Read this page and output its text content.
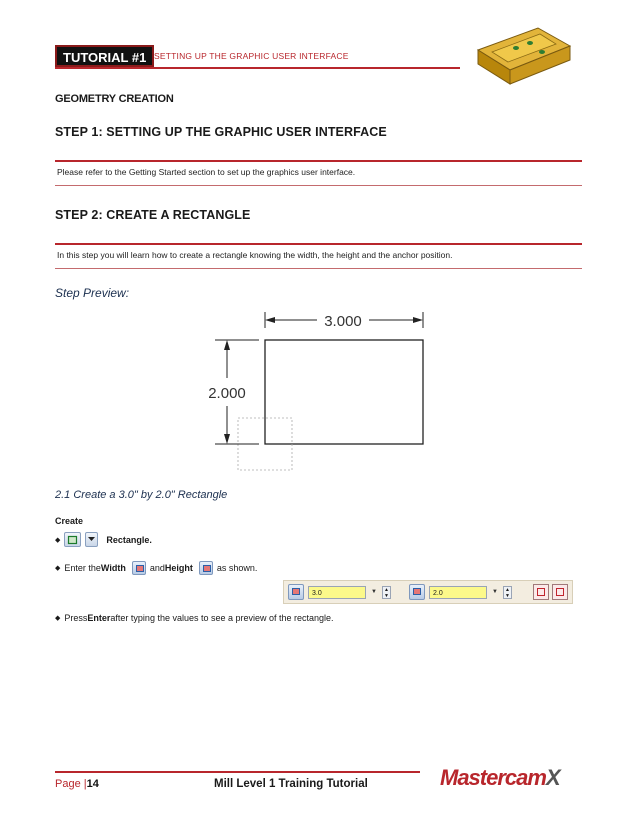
TUTORIAL #1 SETTING UP THE GRAPHIC USER INTERFACE
GEOMETRY CREATION
STEP 1: SETTING UP THE GRAPHIC USER INTERFACE
Please refer to the Getting Started section to set up the graphics user interface.
STEP 2: CREATE A RECTANGLE
In this step you will learn how to create a rectangle knowing the width, the height and the anchor position.
Step Preview:
3.000
2.000
2.1 Create a 3.0" by 2.0" Rectangle
Create
◆	Rectangle.
◆ Enter the Width	and Height	as shown.
3.0	▼	▲
▼	2.0	▼	▲
▼
◆ Press Enter after typing the values to see a preview of the rectangle.
Page |14	Mill Level 1 Training Tutorial	MastercamX
